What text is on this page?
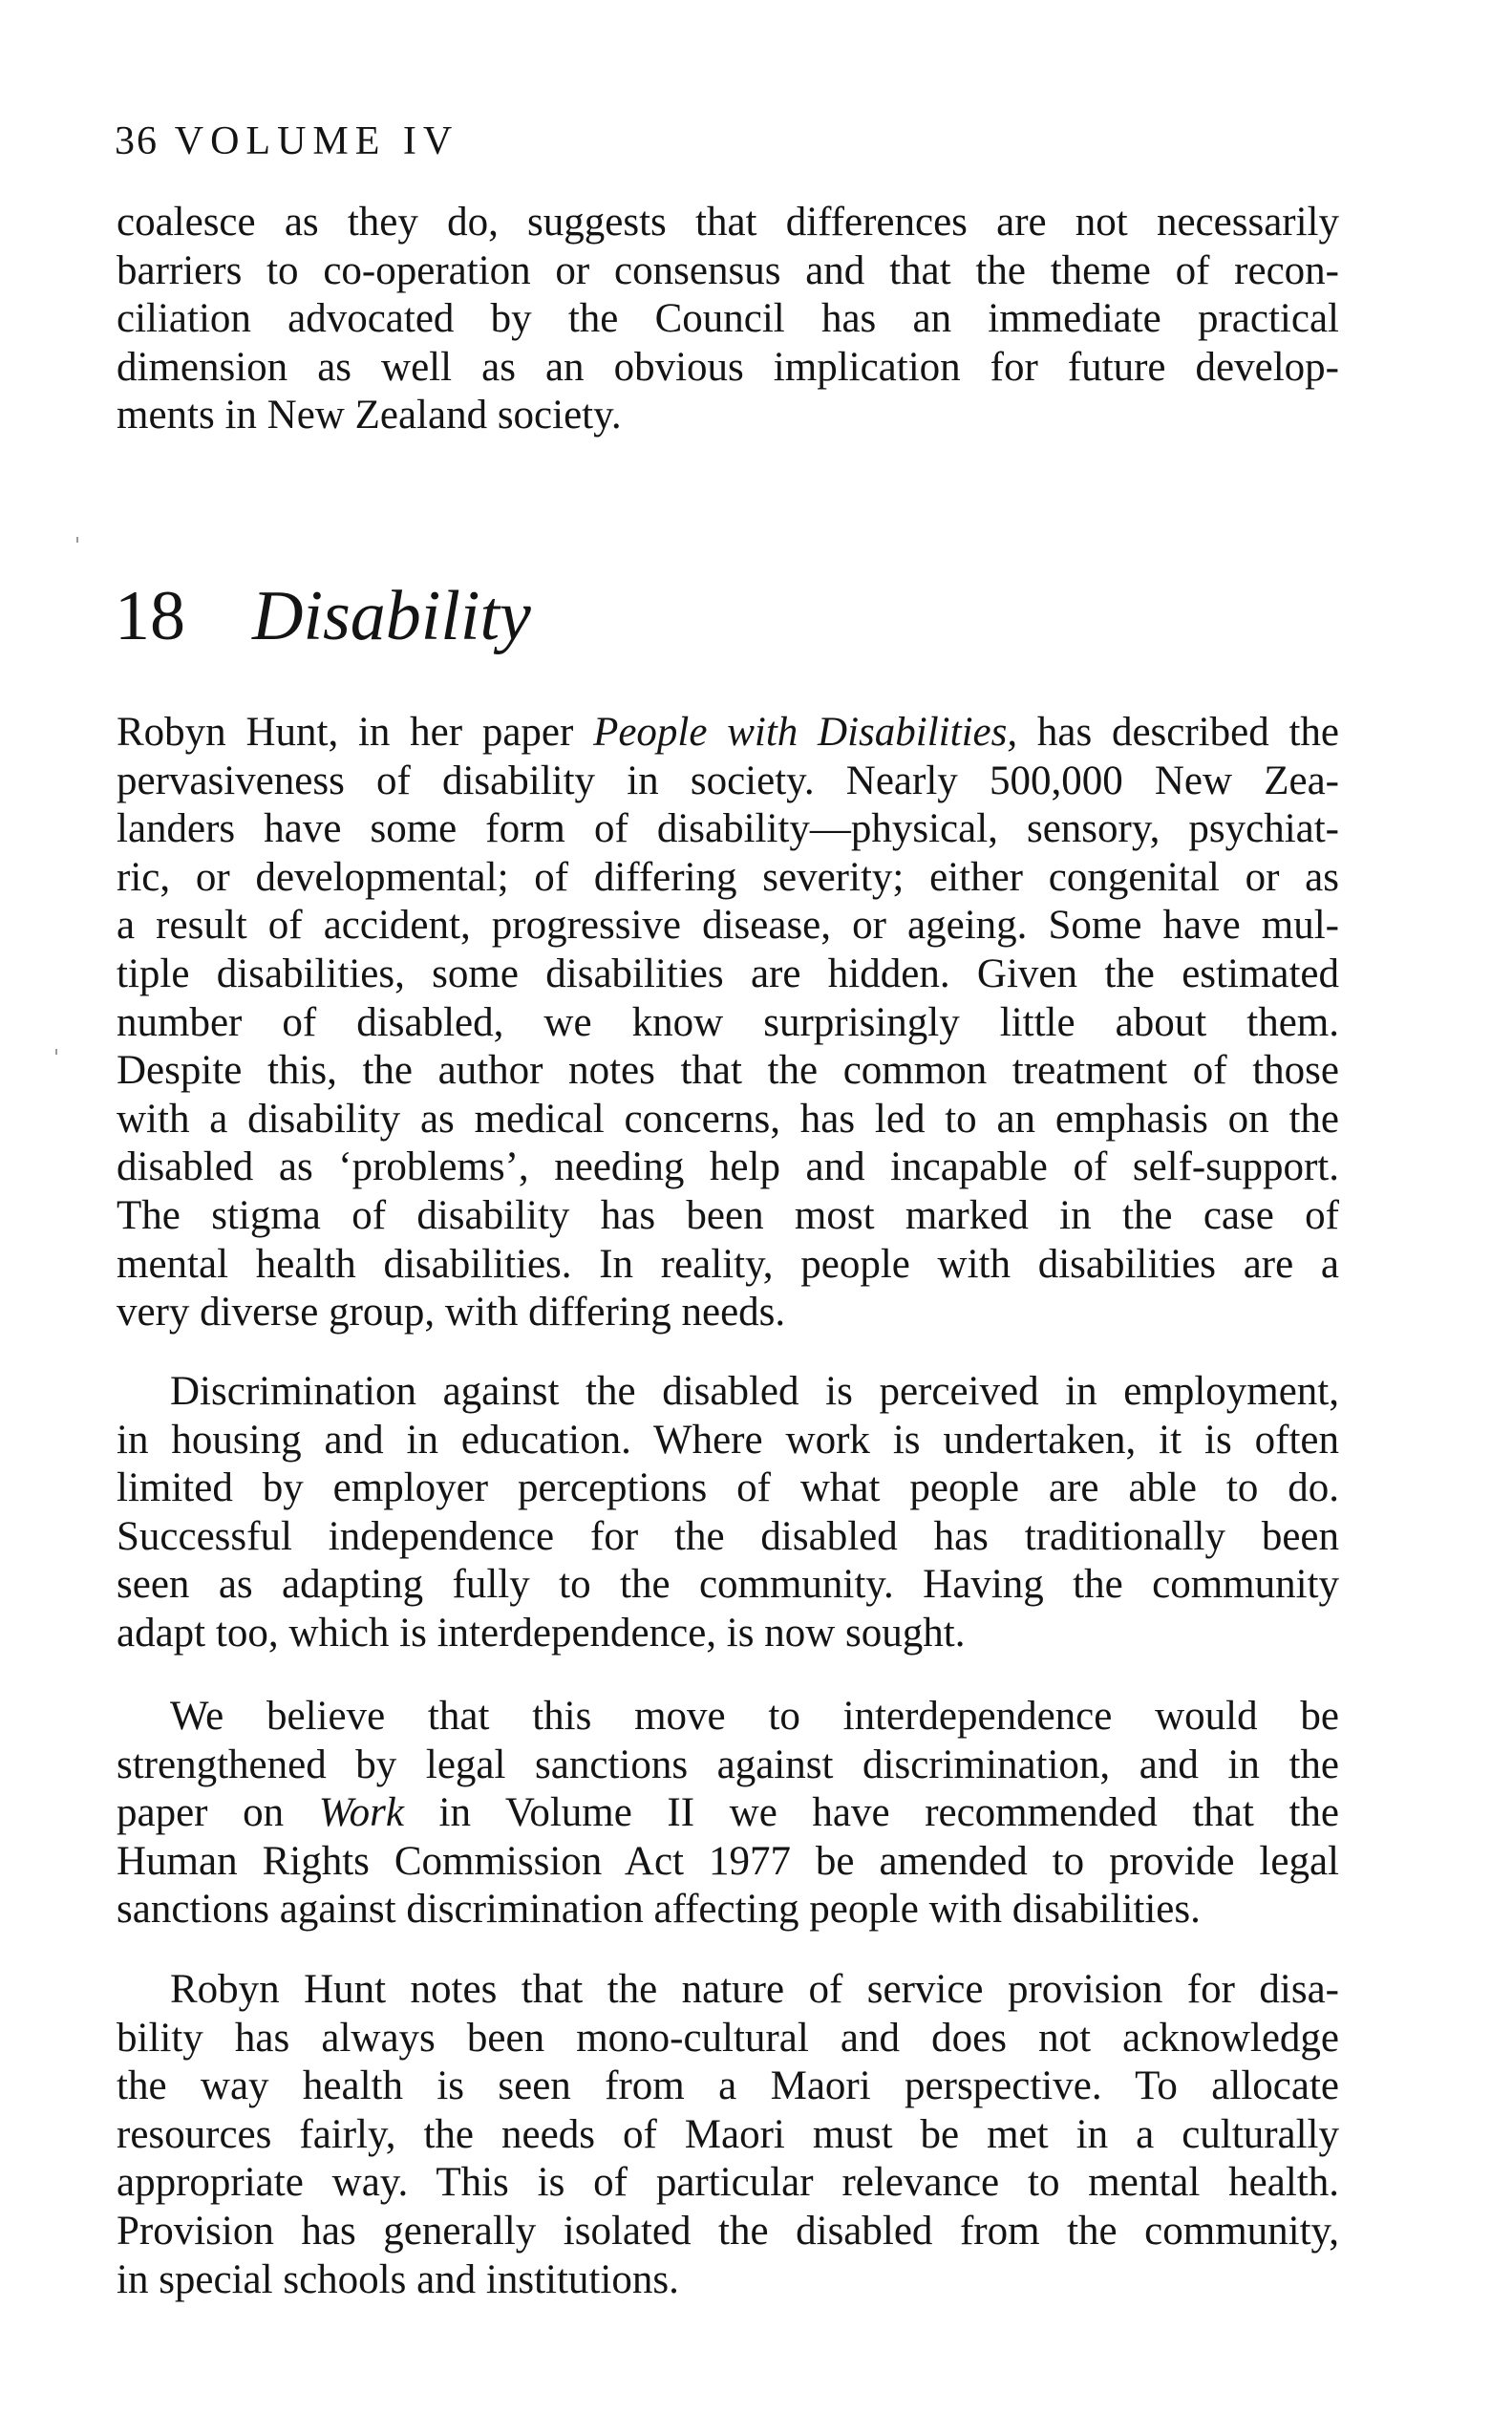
36 VOLUME IV
coalesce as they do, suggests that differences are not necessarily
barriers to co-operation or consensus and that the theme of recon-
ciliation advocated by the Council has an immediate practical
dimension as well as an obvious implication for future develop-
ments in New Zealand society.
18 Disability
Robyn Hunt, in her paper People with Disabilities, has described the
pervasiveness of disability in society. Nearly 500,000 New Zea-
landers have some form of disability—physical, sensory, psychiat-
ric, or developmental; of differing severity; either congenital or as
a result of accident, progressive disease, or ageing. Some have mul-
tiple disabilities, some disabilities are hidden. Given the estimated
number of disabled, we know surprisingly little about them.
Despite this, the author notes that the common treatment of those
with a disability as medical concerns, has led to an emphasis on the
disabled as ‘problems’, needing help and incapable of self-support.
The stigma of disability has been most marked in the case of
mental health disabilities. In reality, people with disabilities are a
very diverse group, with differing needs.
Discrimination against the disabled is perceived in employment,
in housing and in education. Where work is undertaken, it is often
limited by employer perceptions of what people are able to do.
Successful independence for the disabled has traditionally been
seen as adapting fully to the community. Having the community
adapt too, which is interdependence, is now sought.
We believe that this move to interdependence would be
strengthened by legal sanctions against discrimination, and in the
paper on Work in Volume II we have recommended that the
Human Rights Commission Act 1977 be amended to provide legal
sanctions against discrimination affecting people with disabilities.
Robyn Hunt notes that the nature of service provision for disa-
bility has always been mono-cultural and does not acknowledge
the way health is seen from a Maori perspective. To allocate
resources fairly, the needs of Maori must be met in a culturally
appropriate way. This is of particular relevance to mental health.
Provision has generally isolated the disabled from the community,
in special schools and institutions.
